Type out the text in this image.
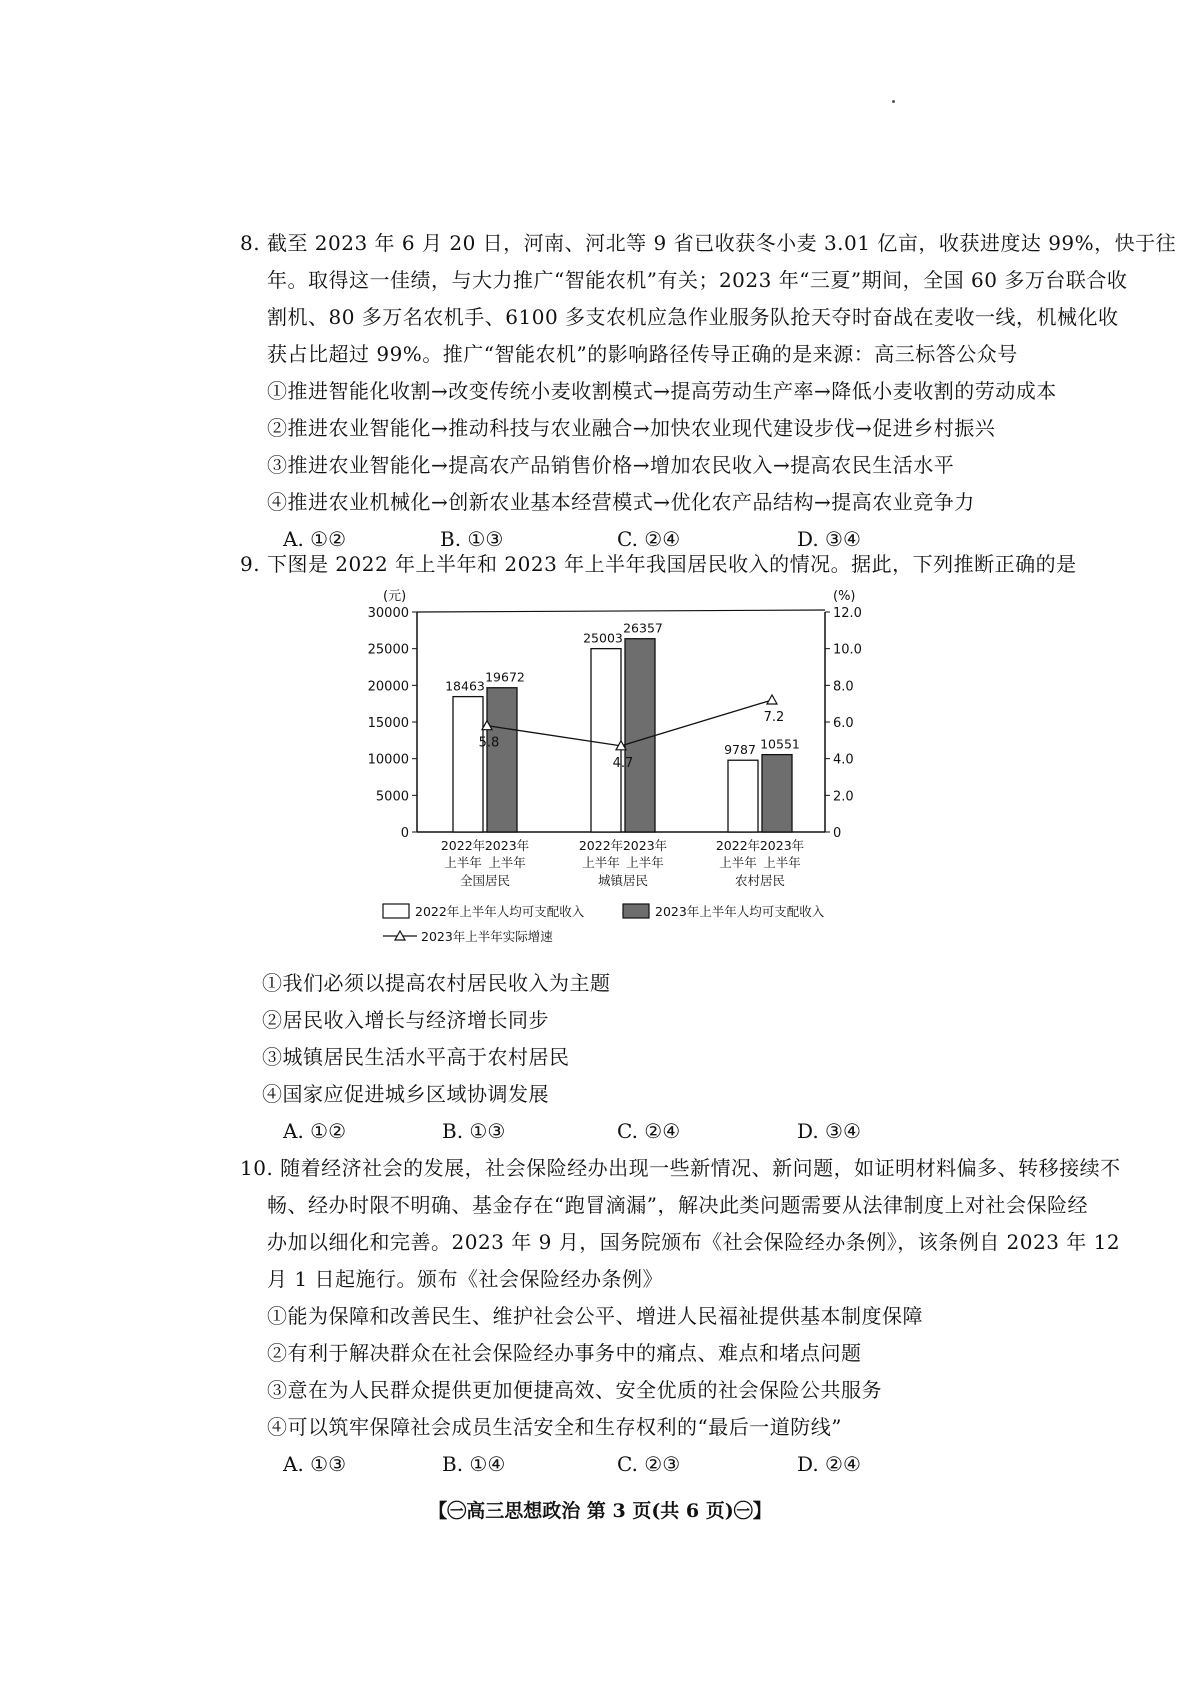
8. 截至 2023 年 6 月 20 日，河南、河北等 9 省已收获冬小麦 3.01 亿亩，收获进度达 99%，快于往
年。取得这一佳绩，与大力推广“智能农机”有关；2023 年“三夏”期间，全国 60 多万台联合收
割机、80 多万名农机手、6100 多支农机应急作业服务队抢天夺时奋战在麦收一线，机械化收
获占比超过 99%。推广“智能农机”的影响路径传导正确的是来源：高三标答公众号
①推进智能化收割→改变传统小麦收割模式→提高劳动生产率→降低小麦收割的劳动成本
②推进农业智能化→推动科技与农业融合→加快农业现代建设步伐→促进乡村振兴
③推进农业智能化→提高农产品销售价格→增加农民收入→提高农民生活水平
④推进农业机械化→创新农业基本经营模式→优化农产品结构→提高农业竞争力
A. ①②	B. ①③	C. ②④	D. ③④
9. 下图是 2022 年上半年和 2023 年上半年我国居民收入的情况。据此，下列推断正确的是
(元)	(%)
30000
25000
20000
15000
10000
5000
0
12.0
10.0
8.0
6.0
4.0
2.0
0
18463
19672
2022年
上半年
2023年
上半年
全国居民
25003
26357
2022年
上半年
2023年
上半年
城镇居民
9787 10551
2022年
上半年
2023年
上半年
农村居民
5.8
4.7
7.2
2022年上半年人均可支配收入	2023年上半年人均可支配收入
2023年上半年实际增速
①我们必须以提高农村居民收入为主题
②居民收入增长与经济增长同步
③城镇居民生活水平高于农村居民
④国家应促进城乡区域协调发展
A. ①②	B. ①③	C. ②④	D. ③④
10. 随着经济社会的发展，社会保险经办出现一些新情况、新问题，如证明材料偏多、转移接续不
畅、经办时限不明确、基金存在“跑冒滴漏”，解决此类问题需要从法律制度上对社会保险经
办加以细化和完善。2023 年 9 月，国务院颁布《社会保险经办条例》，该条例自 2023 年 12
月 1 日起施行。颁布《社会保险经办条例》
①能为保障和改善民生、维护社会公平、增进人民福祉提供基本制度保障
②有利于解决群众在社会保险经办事务中的痛点、难点和堵点问题
③意在为人民群众提供更加便捷高效、安全优质的社会保险公共服务
④可以筑牢保障社会成员生活安全和生存权利的“最后一道防线”
A. ①③	B. ①④	C. ②③	D. ②④
【㊀高三思想政治 第 3 页(共 6 页)㊀】
